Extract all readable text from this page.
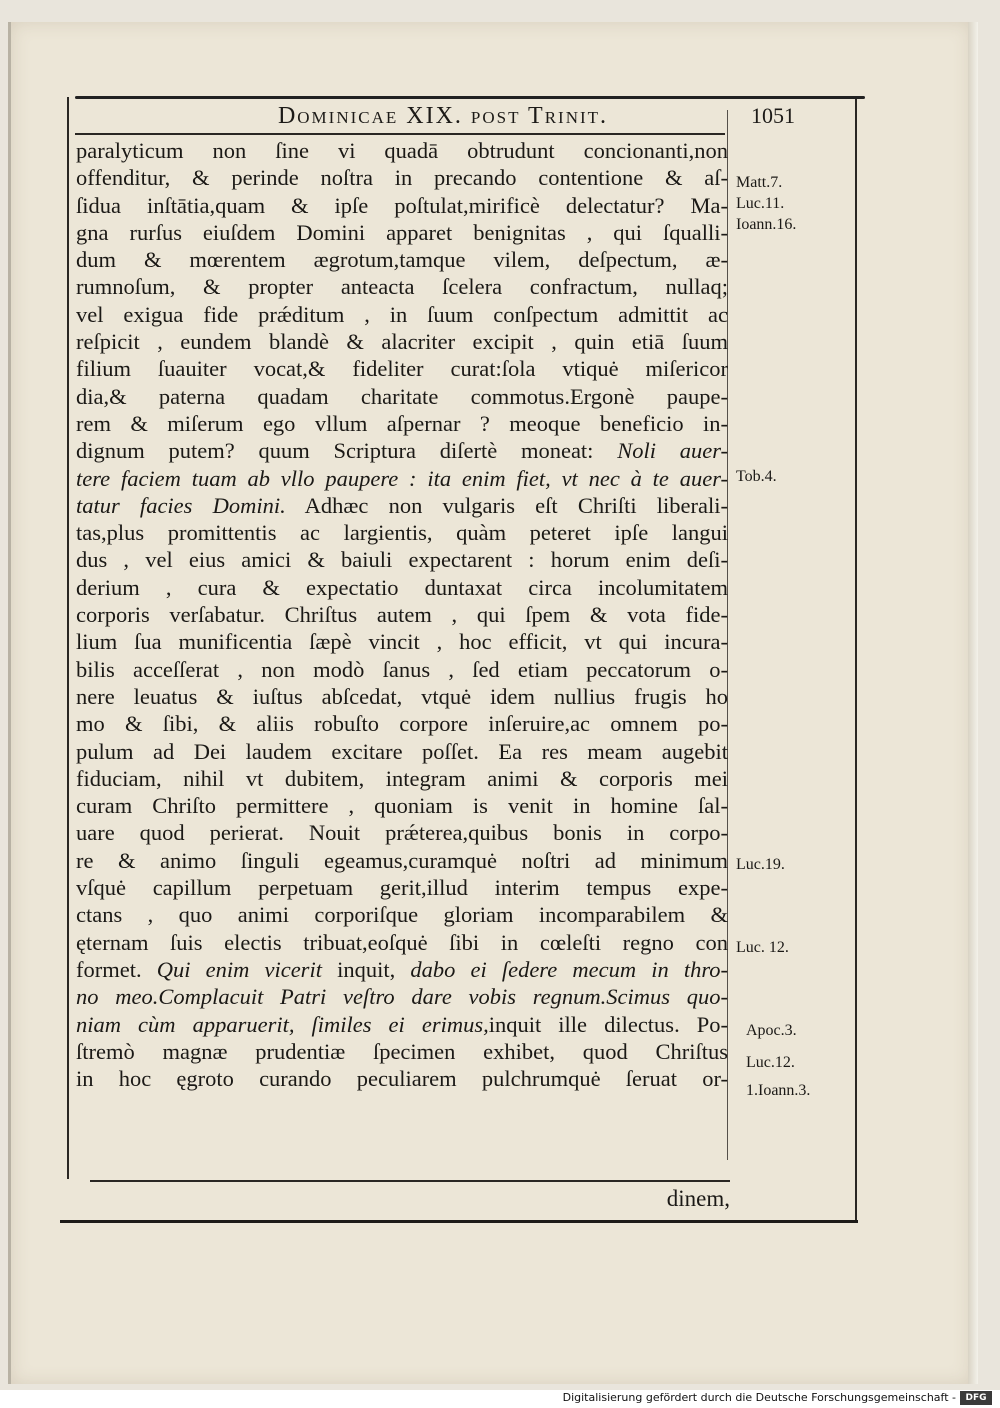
Dominicae XIX. post Trinit.	1051
paralyticum non ſine vi quadā obtrudunt concionanti,non
offenditur, & perinde noſtra in precando contentione & aſ-
ſidua inſtātia,quam & ipſe poſtulat,mirificè delectatur? Ma-
gna rurſus eiuſdem Domini apparet benignitas , qui ſqualli-
dum & mœrentem ægrotum,tamque vilem, deſpectum, æ-
rumnoſum, & propter anteacta ſcelera confractum, nullaq;
vel exigua fide prǽditum , in ſuum conſpectum admittit ac
reſpicit , eundem blandè & alacriter excipit , quin etiā ſuum
filium ſuauiter vocat,& fideliter curat:ſola vtiquė miſericor
dia,& paterna quadam charitate commotus.Ergonè paupe-
rem & miſerum ego vllum aſpernar ? meoque beneficio in-
dignum putem? quum Scriptura diſertè moneat: Noli auer-
tere faciem tuam ab vllo paupere : ita enim fiet, vt nec à te auer-
tatur facies Domini. Adhæc non vulgaris eſt Chriſti liberali-
tas,plus promittentis ac largientis, quàm peteret ipſe langui
dus , vel eius amici & baiuli expectarent : horum enim deſi-
derium , cura & expectatio duntaxat circa incolumitatem
corporis verſabatur. Chriſtus autem , qui ſpem & vota fide-
lium ſua munificentia ſæpè vincit , hoc efficit, vt qui incura-
bilis acceſſerat , non modò ſanus , ſed etiam peccatorum o-
nere leuatus & iuſtus abſcedat, vtquė idem nullius frugis ho
mo & ſibi, & aliis robuſto corpore inſeruire,ac omnem po-
pulum ad Dei laudem excitare poſſet. Ea res meam augebit
fiduciam, nihil vt dubitem, integram animi & corporis mei
curam Chriſto permittere , quoniam is venit in homine ſal-
uare quod perierat. Nouit prǽterea,quibus bonis in corpo-
re & animo ſinguli egeamus,curamquė noſtri ad minimum
vſquė capillum perpetuam gerit,illud interim tempus expe-
ctans , quo animi corporiſque gloriam incomparabilem &
ęternam ſuis electis tribuat,eoſquė ſibi in cœleſti regno con
formet. Qui enim vicerit inquit, dabo ei ſedere mecum in thro-
no meo.Complacuit Patri veſtro dare vobis regnum.Scimus quo-
niam cùm apparuerit, ſimiles ei erimus,inquit ille dilectus. Po-
ſtremò magnæ prudentiæ ſpecimen exhibet, quod Chriſtus
in hoc ęgroto curando peculiarem pulchrumquė ſeruat or-
dinem,
Matt.7.
Luc.11.
Ioann.16.
Tob.4.
Luc.19.
Luc. 12.
Apoc.3.
Luc.12.
1.Ioann.3.
Digitalisierung gefördert durch die Deutsche Forschungsgemeinschaft -	DFG
